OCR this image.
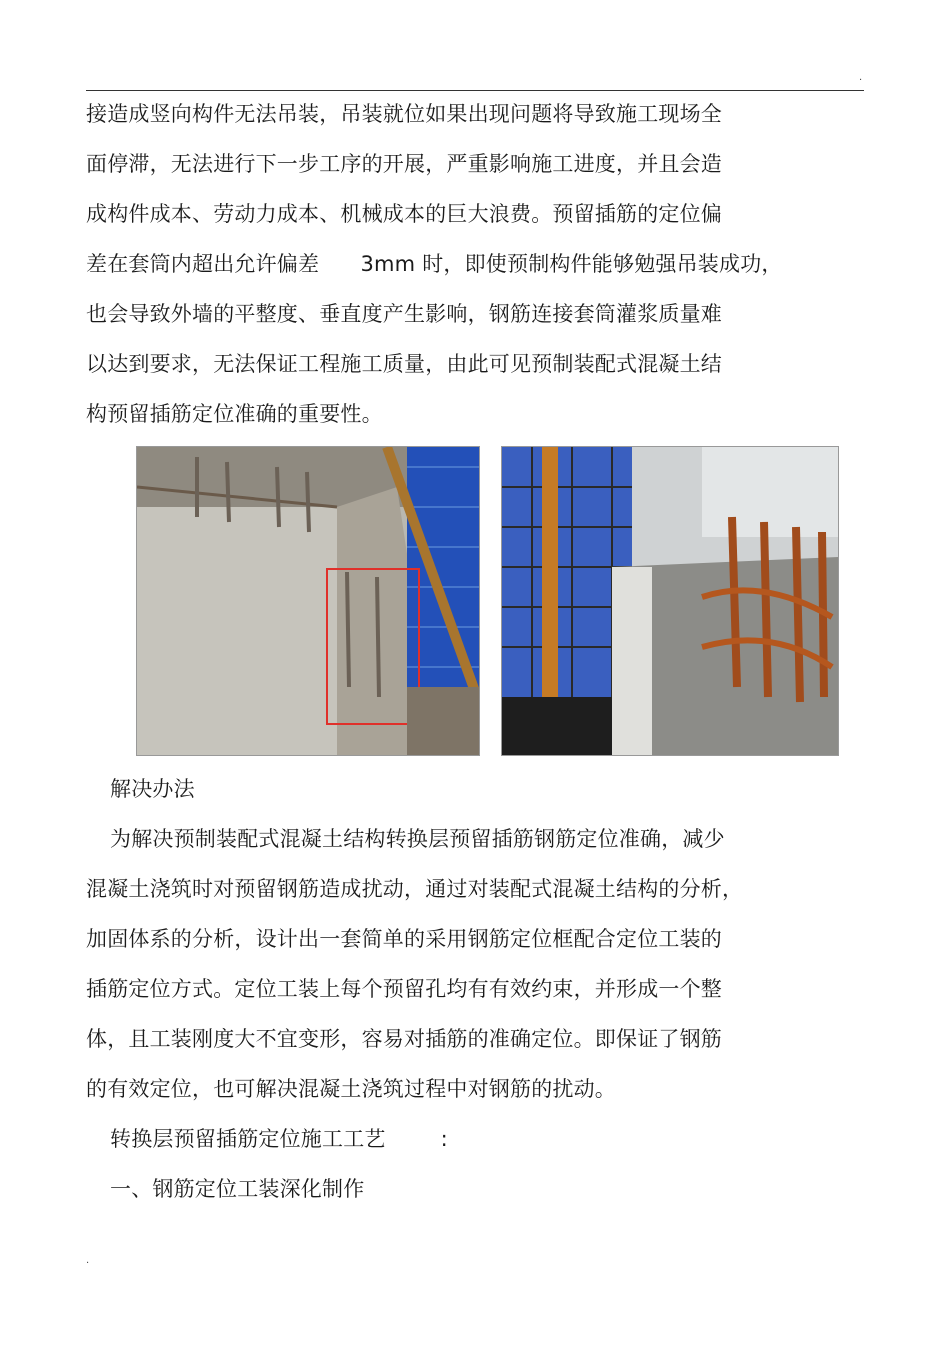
.
接造成竖向构件无法吊装，吊装就位如果出现问题将导致施工现场全
面停滞，无法进行下一步工序的开展，严重影响施工进度，并且会造
成构件成本、劳动力成本、机械成本的巨大浪费。预留插筋的定位偏
差在套筒内超出允许偏差      3mm 时，即使预制构件能够勉强吊装成功，
也会导致外墙的平整度、垂直度产生影响，钢筋连接套筒灌浆质量难
以达到要求，无法保证工程施工质量，由此可见预制装配式混凝土结
构预留插筋定位准确的重要性。
解决办法
为解决预制装配式混凝土结构转换层预留插筋钢筋定位准确，减少
混凝土浇筑时对预留钢筋造成扰动，通过对装配式混凝土结构的分析，
加固体系的分析，设计出一套简单的采用钢筋定位框配合定位工装的
插筋定位方式。定位工装上每个预留孔均有有效约束，并形成一个整
体，且工装刚度大不宜变形，容易对插筋的准确定位。即保证了钢筋
的有效定位，也可解决混凝土浇筑过程中对钢筋的扰动。
转换层预留插筋定位施工工艺        :
一、钢筋定位工装深化制作
.
